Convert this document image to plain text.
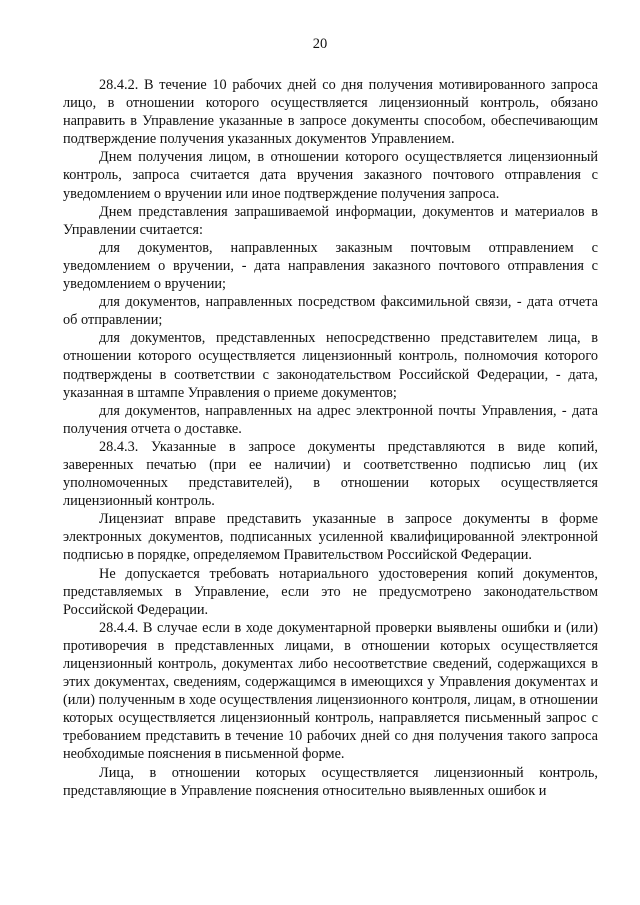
20

28.4.2. В течение 10 рабочих дней со дня получения мотивированного запроса лицо, в отношении которого осуществляется лицензионный контроль, обязано направить в Управление указанные в запросе документы способом, обеспечивающим подтверждение получения указанных документов Управлением.

Днем получения лицом, в отношении которого осуществляется лицензионный контроль, запроса считается дата вручения заказного почтового отправления с уведомлением о вручении или иное подтверждение получения запроса.

Днем представления запрашиваемой информации, документов и материалов в Управлении считается:

для документов, направленных заказным почтовым отправлением с уведомлением о вручении, - дата направления заказного почтового отправления с уведомлением о вручении;

для документов, направленных посредством факсимильной связи, - дата отчета об отправлении;

для документов, представленных непосредственно представителем лица, в отношении которого осуществляется лицензионный контроль, полномочия которого подтверждены в соответствии с законодательством Российской Федерации, - дата, указанная в штампе Управления о приеме документов;

для документов, направленных на адрес электронной почты Управления, - дата получения отчета о доставке.

28.4.3. Указанные в запросе документы представляются в виде копий, заверенных печатью (при ее наличии) и соответственно подписью лиц (их уполномоченных представителей), в отношении которых осуществляется лицензионный контроль.

Лицензиат вправе представить указанные в запросе документы в форме электронных документов, подписанных усиленной квалифицированной электронной подписью в порядке, определяемом Правительством Российской Федерации.

Не допускается требовать нотариального удостоверения копий документов, представляемых в Управление, если это не предусмотрено законодательством Российской Федерации.

28.4.4. В случае если в ходе документарной проверки выявлены ошибки и (или) противоречия в представленных лицами, в отношении которых осуществляется лицензионный контроль, документах либо несоответствие сведений, содержащихся в этих документах, сведениям, содержащимся в имеющихся у Управления документах и (или) полученным в ходе осуществления лицензионного контроля, лицам, в отношении которых осуществляется лицензионный контроль, направляется письменный запрос с требованием представить в течение 10 рабочих дней со дня получения такого запроса необходимые пояснения в письменной форме.

Лица, в отношении которых осуществляется лицензионный контроль, представляющие в Управление пояснения относительно выявленных ошибок и
